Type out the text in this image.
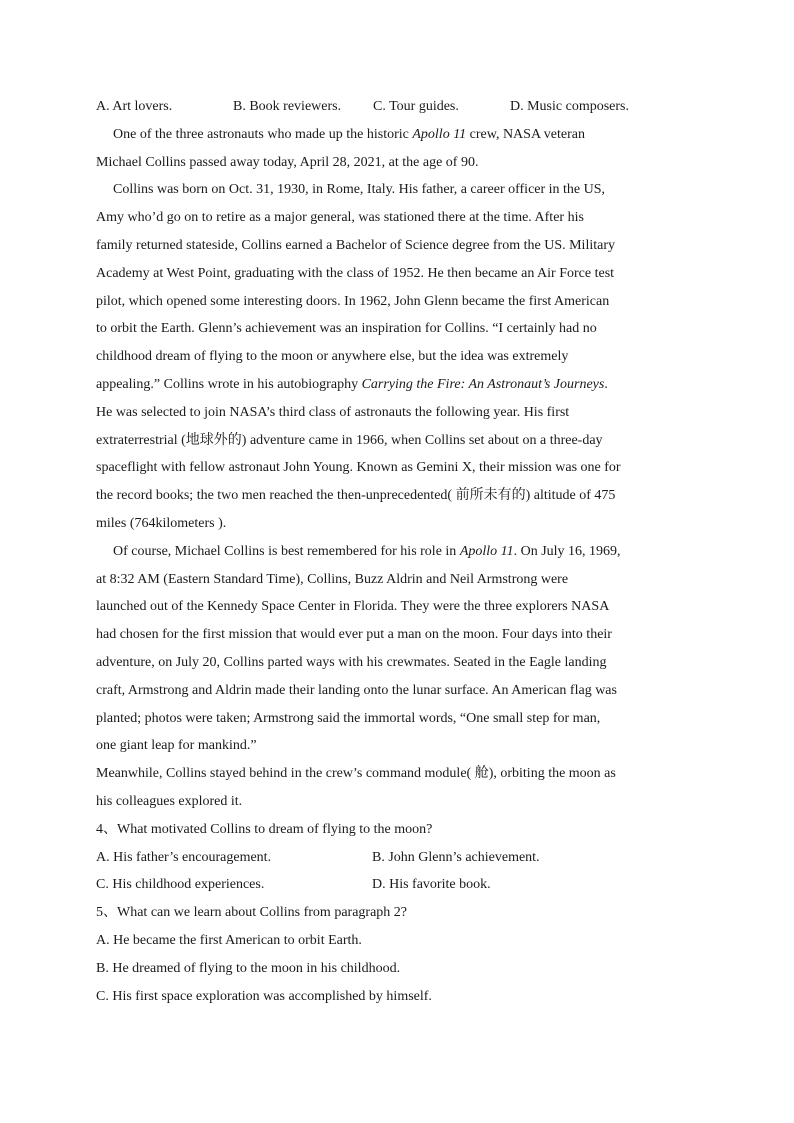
A. Art lovers.	B. Book reviewers.	C. Tour guides.	D. Music composers.
One of the three astronauts who made up the historic Apollo 11 crew, NASA veteran
Michael Collins passed away today, April 28, 2021, at the age of 90.
Collins was born on Oct. 31, 1930, in Rome, Italy. His father, a career officer in the US,
Amy who’d go on to retire as a major general, was stationed there at the time. After his
family returned stateside, Collins earned a Bachelor of Science degree from the US. Military
Academy at West Point, graduating with the class of 1952. He then became an Air Force test
pilot, which opened some interesting doors. In 1962, John Glenn became the first American
to orbit the Earth. Glenn’s achievement was an inspiration for Collins. “I certainly had no
childhood dream of flying to the moon or anywhere else, but the idea was extremely
appealing.” Collins wrote in his autobiography Carrying the Fire: An Astronaut’s Journeys.
He was selected to join NASA’s third class of astronauts the following year. His first
extraterrestrial (地球外的) adventure came in 1966, when Collins set about on a three-day
spaceflight with fellow astronaut John Young. Known as Gemini X, their mission was one for
the record books; the two men reached the then-unprecedented( 前所未有的) altitude of 475
miles (764kilometers ).
Of course, Michael Collins is best remembered for his role in Apollo 11. On July 16, 1969,
at 8:32 AM (Eastern Standard Time), Collins, Buzz Aldrin and Neil Armstrong were
launched out of the Kennedy Space Center in Florida. They were the three explorers NASA
had chosen for the first mission that would ever put a man on the moon. Four days into their
adventure, on July 20, Collins parted ways with his crewmates. Seated in the Eagle landing
craft, Armstrong and Aldrin made their landing onto the lunar surface. An American flag was
planted; photos were taken; Armstrong said the immortal words, “One small step for man,
one giant leap for mankind.”
Meanwhile, Collins stayed behind in the crew’s command module( 舱), orbiting the moon as
his colleagues explored it.
4、What motivated Collins to dream of flying to the moon?
A. His father’s encouragement.	B. John Glenn’s achievement.
C. His childhood experiences.	D. His favorite book.
5、What can we learn about Collins from paragraph 2?
A. He became the first American to orbit Earth.
B. He dreamed of flying to the moon in his childhood.
C. His first space exploration was accomplished by himself.
